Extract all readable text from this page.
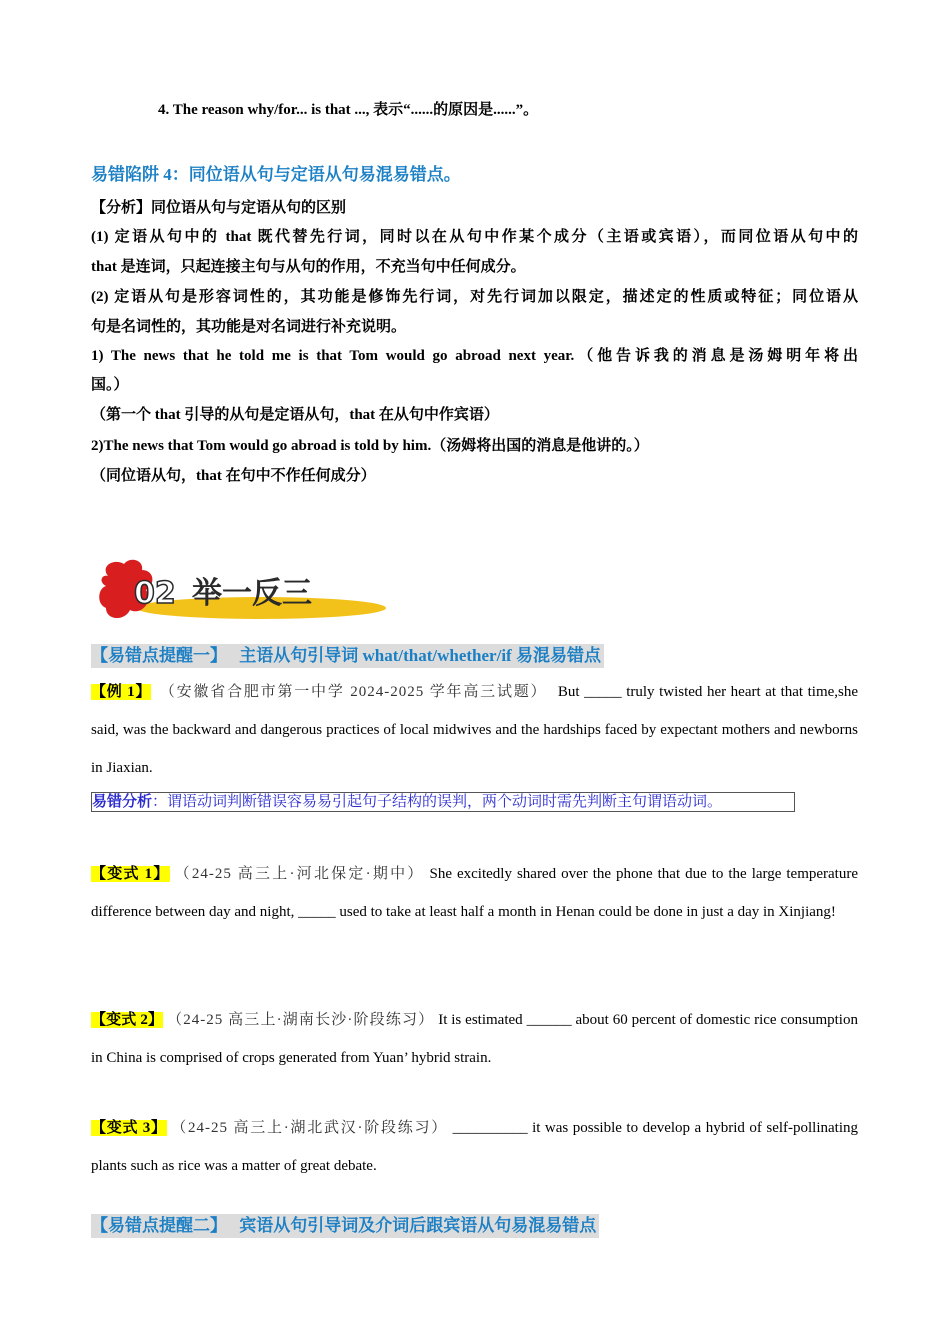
4. The reason why/for... is that ..., 表示“......的原因是......”。
易错陷阱 4：同位语从句与定语从句易混易错点。
【分析】同位语从句与定语从句的区别
(1) 定语从句中的 that 既代替先行词，同时以在从句中作某个成分（主语或宾语），而同位语从句中的
that 是连词，只起连接主句与从句的作用，不充当句中任何成分。
(2) 定语从句是形容词性的，其功能是修饰先行词，对先行词加以限定，描述定的性质或特征；同位语从
句是名词性的，其功能是对名词进行补充说明。
1) The news that he told me is that Tom would go abroad next year.（他告诉我的消息是汤姆明年将出
国。）
（第一个 that 引导的从句是定语从句，that 在从句中作宾语）
2)The news that Tom would go abroad is told by him.（汤姆将出国的消息是他讲的。）
（同位语从句，that 在句中不作任何成分）
02 举一反三
【易错点提醒一】 主语从句引导词 what/that/whether/if 易混易错点
【例 1】 （安徽省合肥市第一中学 2024-2025 学年高三试题） But _____ truly twisted her heart at that time,she said, was the backward and dangerous practices of local midwives and the hardships faced by expectant mothers and newborns in Jiaxian.
易错分析：谓语动词判断错误容易易引起句子结构的误判，两个动词时需先判断主句谓语动词。
【变式 1】 （24-25 高三上·河北保定·期中） She excitedly shared over the phone that due to the large temperature difference between day and night, _____ used to take at least half a month in Henan could be done in just a day in Xinjiang!
【变式 2】 （24-25 高三上·湖南长沙·阶段练习） It is estimated ______ about 60 percent of domestic rice consumption in China is comprised of crops generated from Yuan’ hybrid strain.
【变式 3】 （24-25 高三上·湖北武汉·阶段练习） __________ it was possible to develop a hybrid of self-pollinating plants such as rice was a matter of great debate.
【易错点提醒二】 宾语从句引导词及介词后跟宾语从句易混易错点
